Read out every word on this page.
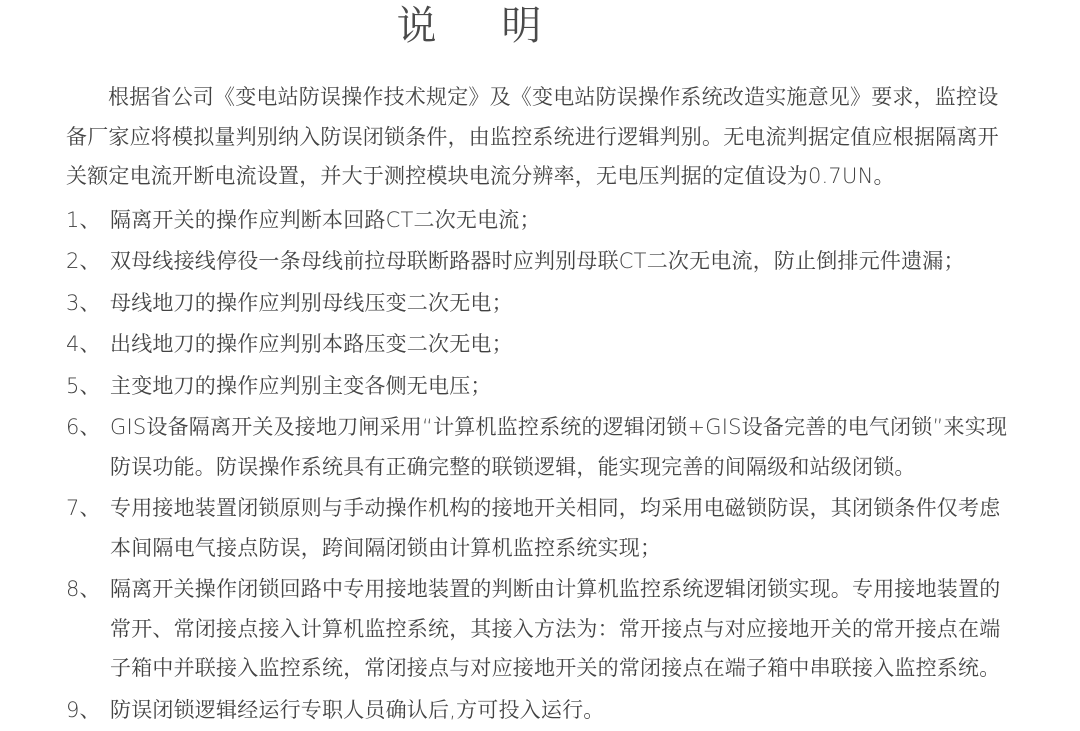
说 明

根据省公司《变电站防误操作技术规定》及《变电站防误操作系统改造实施意见》要求，监控设备厂家应将模拟量判别纳入防误闭锁条件，由监控系统进行逻辑判别。无电流判据定值应根据隔离开关额定电流开断电流设置，并大于测控模块电流分辨率，无电压判据的定值设为0.7UN。

1、 隔离开关的操作应判断本回路CT二次无电流；
2、 双母线接线停役一条母线前拉母联断路器时应判别母联CT二次无电流，防止倒排元件遗漏；
3、 母线地刀的操作应判别母线压变二次无电；
4、 出线地刀的操作应判别本路压变二次无电；
5、 主变地刀的操作应判别主变各侧无电压；
6、 GIS设备隔离开关及接地刀闸采用“计算机监控系统的逻辑闭锁+GIS设备完善的电气闭锁”来实现防误功能。防误操作系统具有正确完整的联锁逻辑，能实现完善的间隔级和站级闭锁。
7、 专用接地装置闭锁原则与手动操作机构的接地开关相同，均采用电磁锁防误，其闭锁条件仅考虑本间隔电气接点防误，跨间隔闭锁由计算机监控系统实现；
8、 隔离开关操作闭锁回路中专用接地装置的判断由计算机监控系统逻辑闭锁实现。专用接地装置的常开、常闭接点接入计算机监控系统，其接入方法为：常开接点与对应接地开关的常开接点在端子箱中并联接入监控系统，常闭接点与对应接地开关的常闭接点在端子箱中串联接入监控系统。
9、 防误闭锁逻辑经运行专职人员确认后,方可投入运行。
